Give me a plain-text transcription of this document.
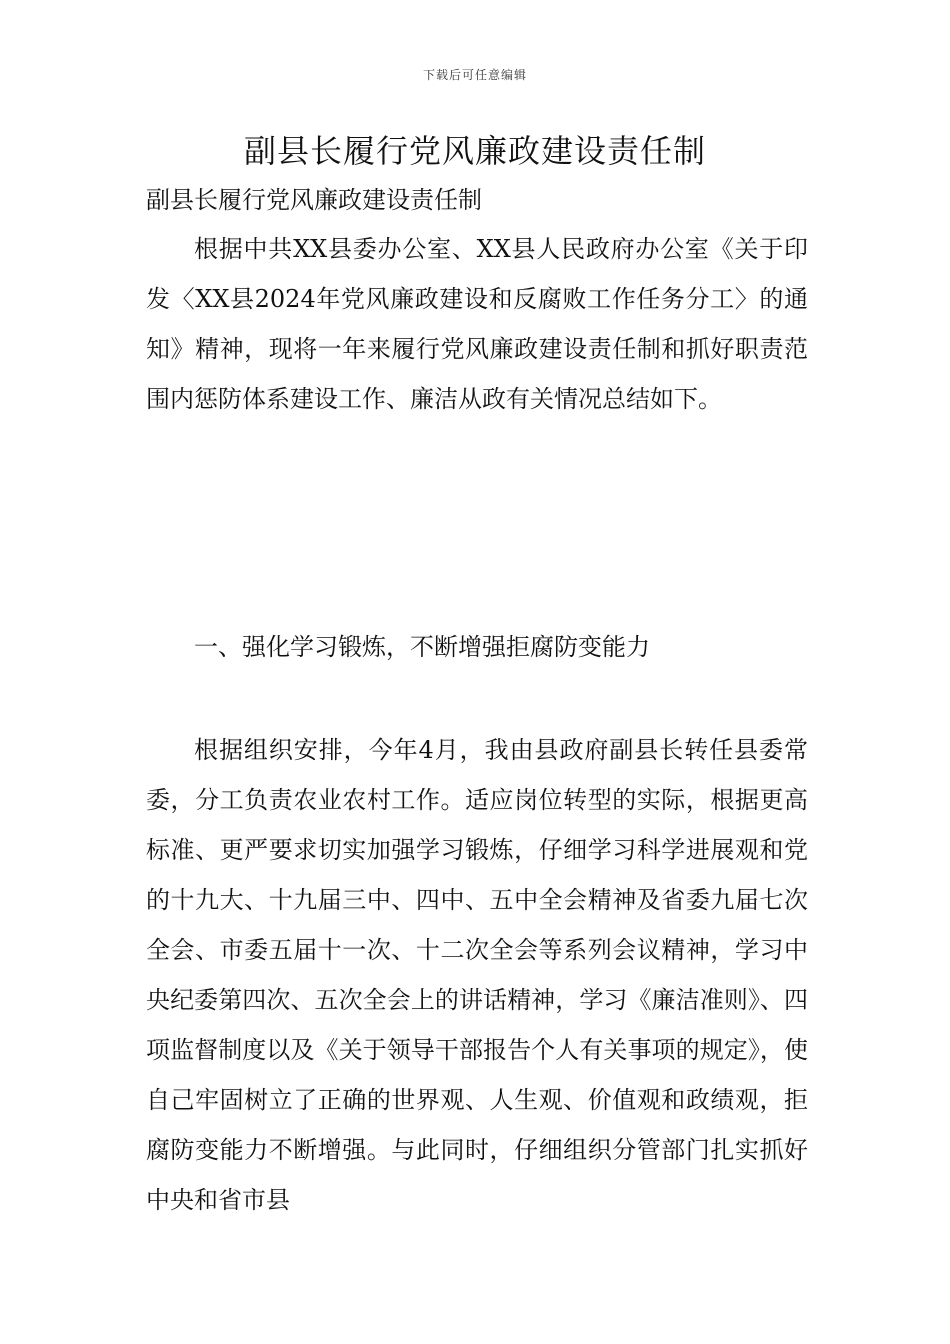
下载后可任意编辑
副县长履行党风廉政建设责任制

副县长履行党风廉政建设责任制

根据中共XX县委办公室、XX县人民政府办公室《关于印发〈XX县2024年党风廉政建设和反腐败工作任务分工〉的通知》精神，现将一年来履行党风廉政建设责任制和抓好职责范围内惩防体系建设工作、廉洁从政有关情况总结如下。

一、强化学习锻炼，不断增强拒腐防变能力

根据组织安排，今年4月，我由县政府副县长转任县委常委，分工负责农业农村工作。适应岗位转型的实际，根据更高标准、更严要求切实加强学习锻炼，仔细学习科学进展观和党的十九大、十九届三中、四中、五中全会精神及省委九届七次全会、市委五届十一次、十二次全会等系列会议精神，学习中央纪委第四次、五次全会上的讲话精神，学习《廉洁准则》、四项监督制度以及《关于领导干部报告个人有关事项的规定》，使自己牢固树立了正确的世界观、人生观、价值观和政绩观，拒腐防变能力不断增强。与此同时，仔细组织分管部门扎实抓好中央和省市县
